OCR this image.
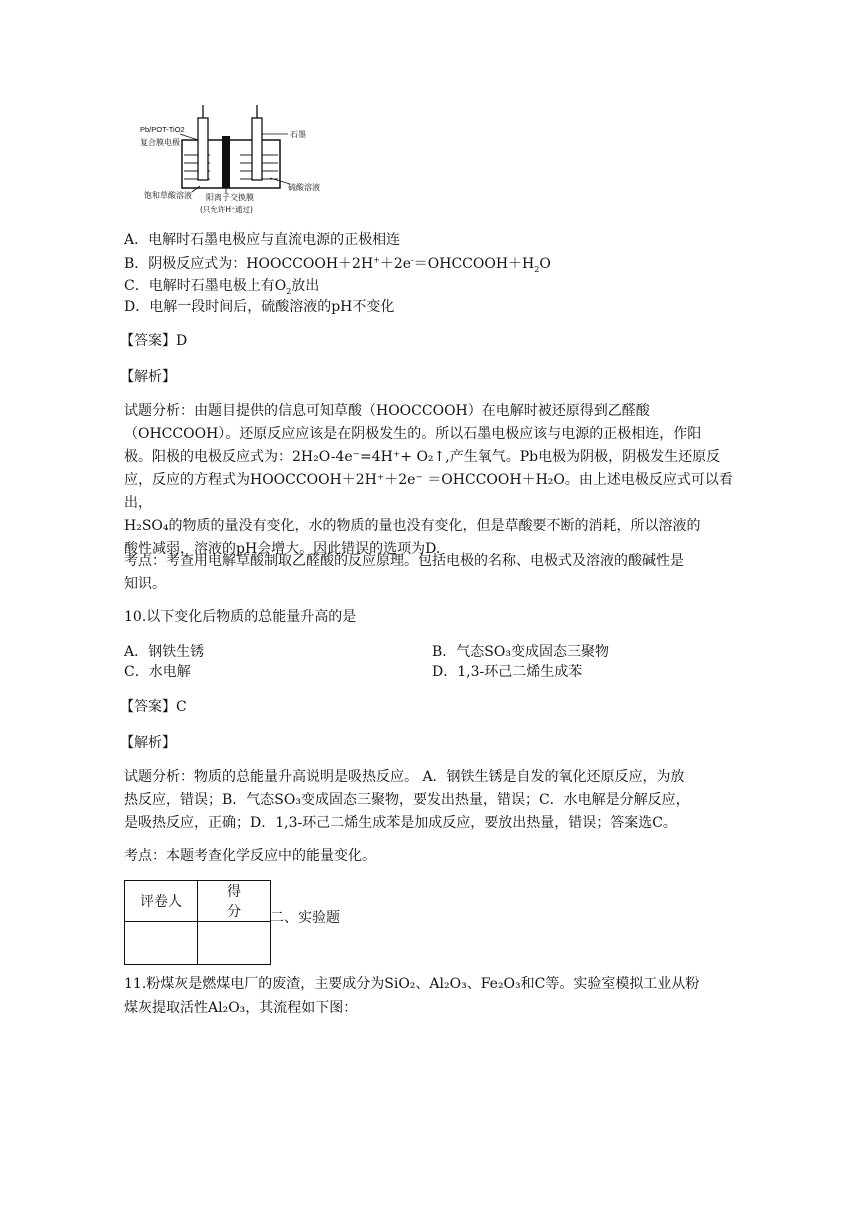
Pb/POT-TiO2
复合膜电极
石墨
饱和草酸溶液 阳离子交换膜
(只允许H⁺通过)
硫酸溶液
A．电解时石墨电极应与直流电源的正极相连
B．阴极反应式为：$HOOCCOOH+2H^++2e^-=OHCCOOH+H_2O$
C．电解时石墨电极上有$O_2$放出
D．电解一段时间后，硫酸溶液的pH不变化
【答案】D
【解析】

试题分析：由题目提供的信息可知草酸（HOOCCOOH）在电解时被还原得到乙醛酸

（OHCCOOH）。还原反应应该是在阴极发生的。所以石墨电极应该与电源的正极相连，作阳

极。阳极的电极反应式为：2H₂O-4e⁻=4H⁺+ O₂↑,产生氧气。Pb电极为阴极，阴极发生还原反

应，反应的方程式为HOOCCOOH＋2H⁺＋2e⁻ ＝OHCCOOH＋H₂O。由上述电极反应式可以看出，

H₂SO₄的物质的量没有变化，水的物质的量也没有变化，但是草酸要不断的消耗，所以溶液的

酸性减弱，溶液的pH会增大。因此错误的选项为D.

考点：考查用电解草酸制取乙醛酸的反应原理。包括电极的名称、电极式及溶液的酸碱性是

知识。

10.以下变化后物质的总能量升高的是
A．钢铁生锈	B．气态SO₃变成固态三聚物
C．水电解	D．1,3-环己二烯生成苯
【答案】C
【解析】

试题分析：物质的总能量升高说明是吸热反应。 A．钢铁生锈是自发的氧化还原反应，为放

热反应，错误；B．气态SO₃变成固态三聚物，要发出热量，错误；C．水电解是分解反应，

是吸热反应，正确；D．1,3-环己二烯生成苯是加成反应，要放出热量，错误；答案选C。

考点：本题考查化学反应中的能量变化。
评卷人	得　　分
	二、实验题

11.粉煤灰是燃煤电厂的废渣，主要成分为SiO₂、Al₂O₃、Fe₂O₃和C等。实验室模拟工业从粉

煤灰提取活性Al₂O₃，其流程如下图：
